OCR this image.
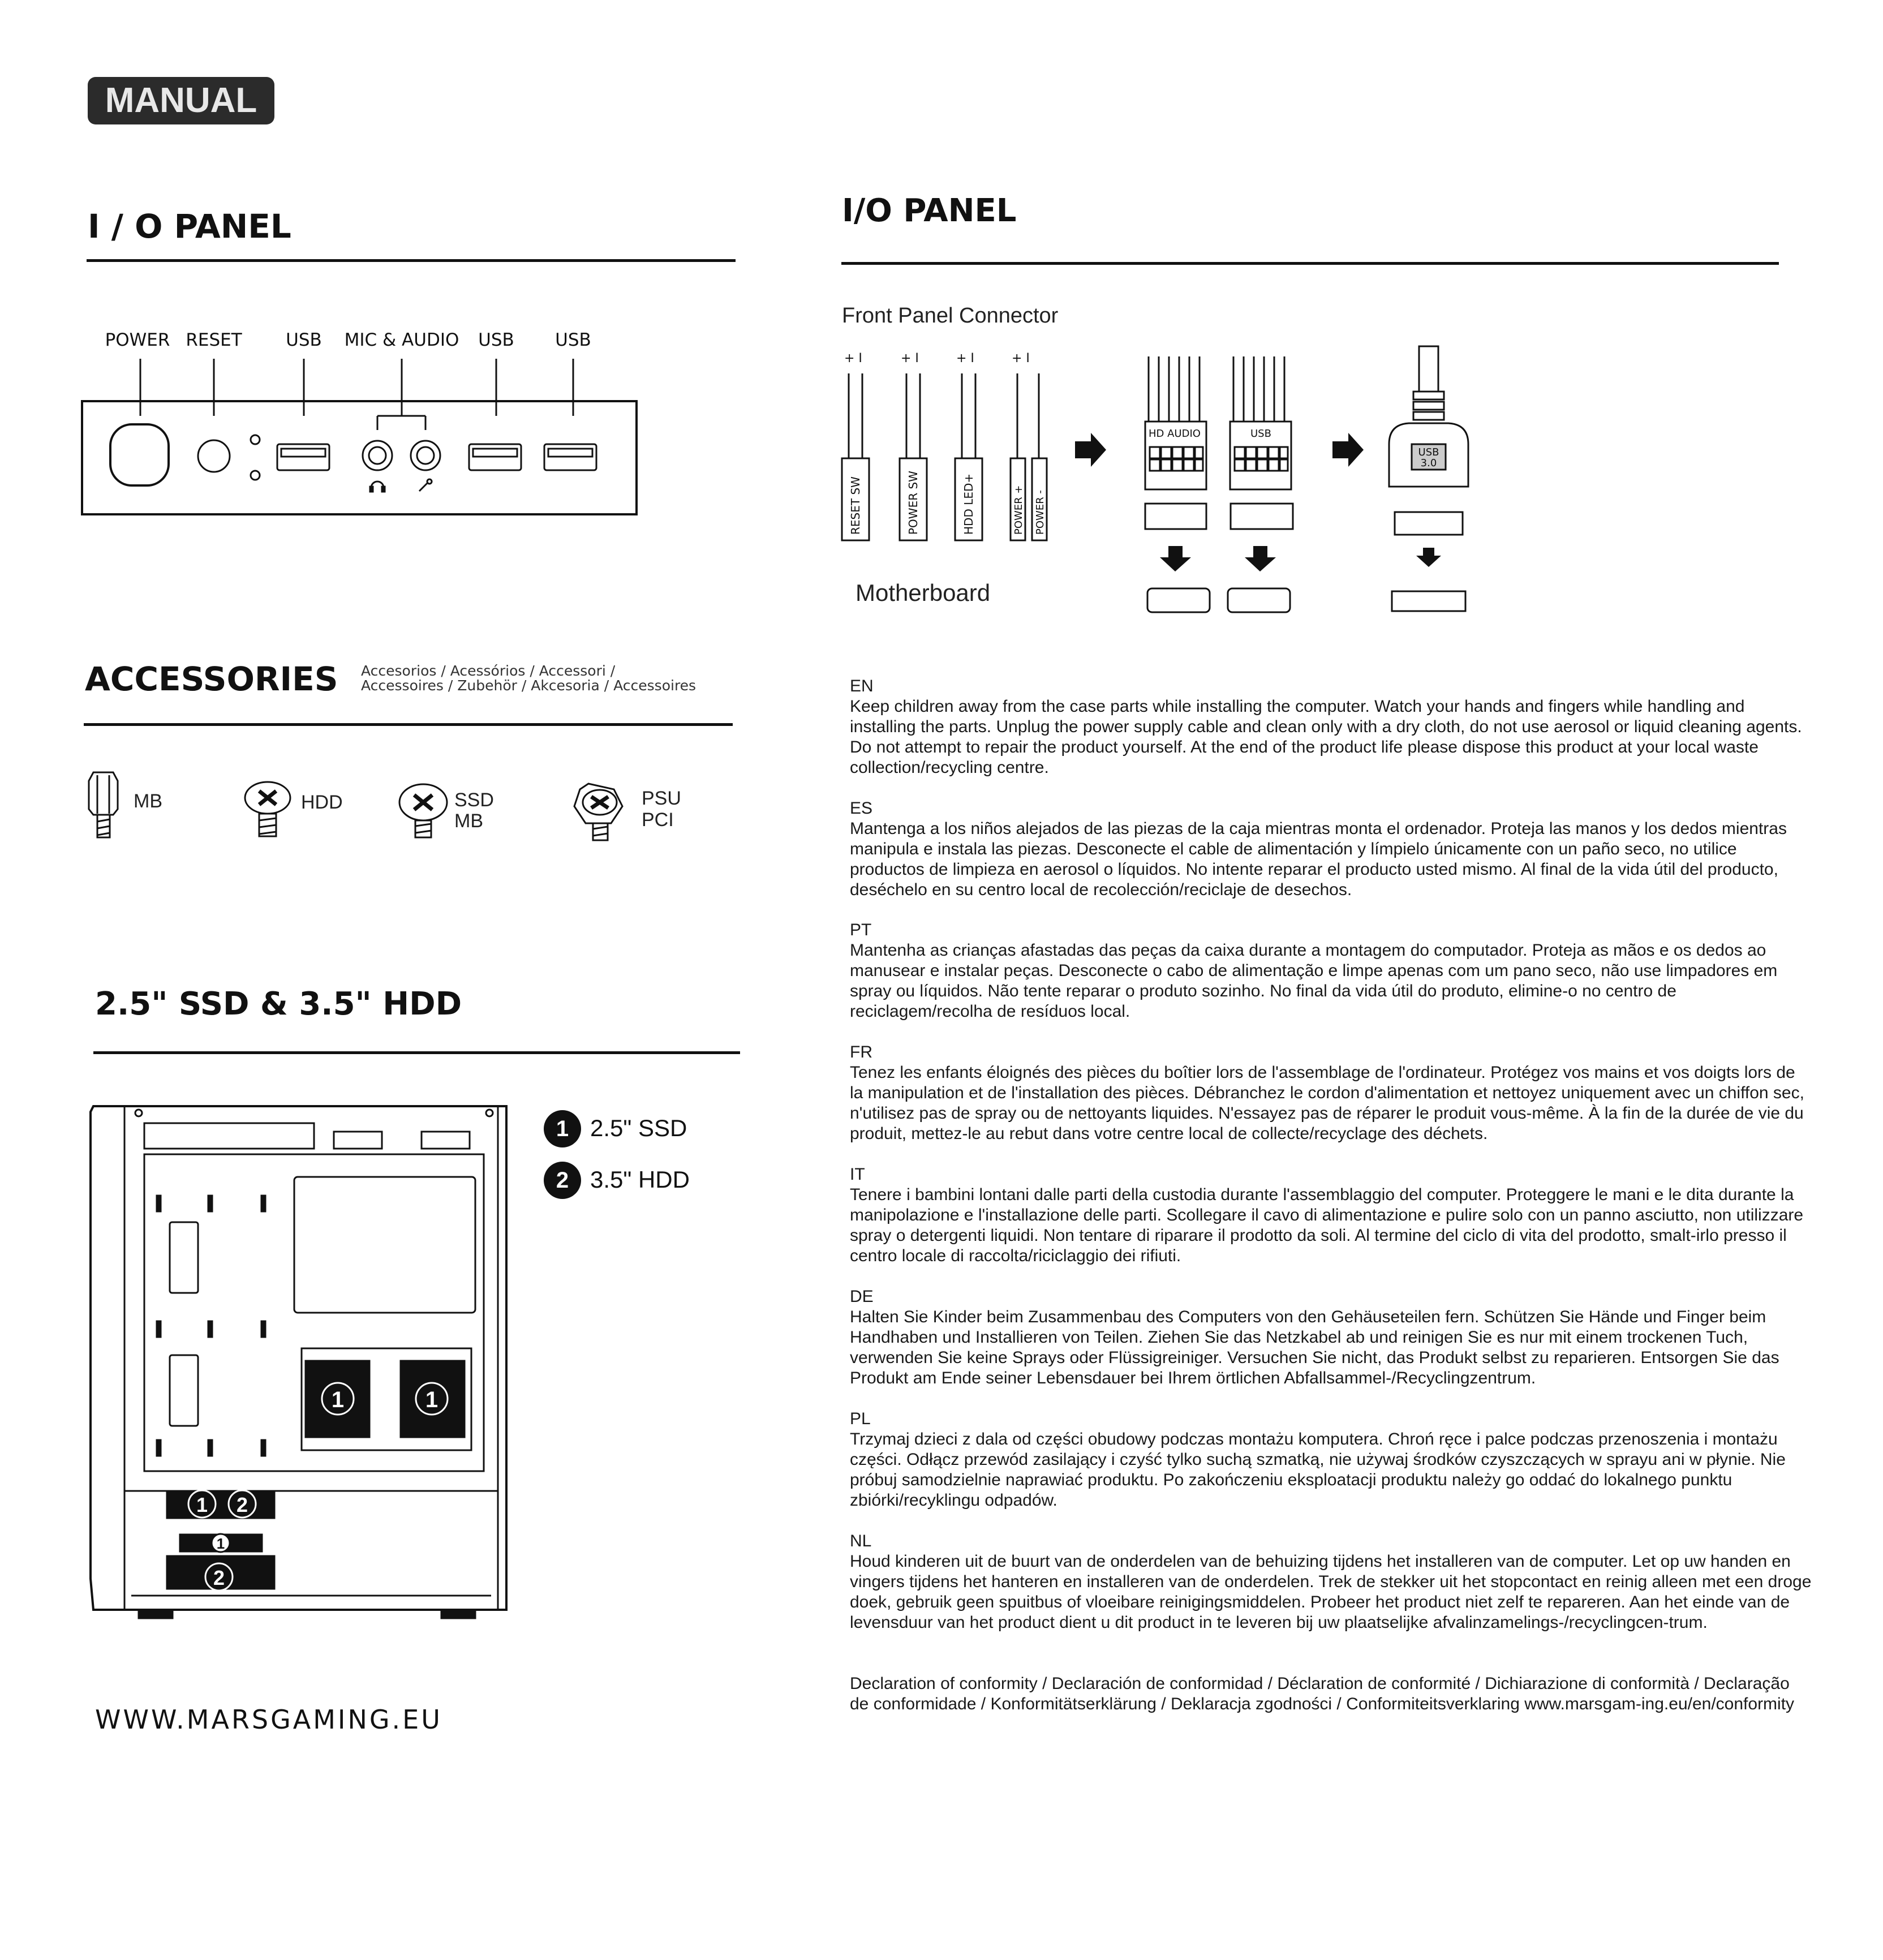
MANUAL
I / O PANEL
POWER RESET	USB MIC & AUDIO USB USB
ACCESSORIES Accesorios / Acessórios / Accessori /
Accessoires / Zubehör / Akcesoria / Accessoires
MB	HDD	SSD
MB
PSU
PCI
2.5" SSD & 3.5" HDD
1 2.5" SSD
2 3.5" HDD
1	1
1 2
1
2
WWW.MARSGAMING.EU
I/O PANEL
Front Panel Connector
+ I	+ I	+ I	+ I
RESET SW	POWER SW	HDD LED+	POWER + POWER -
HD AUDIO	USB
USB
3.0
Motherboard
EN
Keep children away from the case parts while installing the computer. Watch your hands and fingers while handling and installing the parts. Unplug the power supply cable and clean only with a dry cloth, do not use aerosol or liquid cleaning agents. Do not attempt to repair the product yourself. At the end of the product life please dispose this product at your local waste collection/recycling centre.
ES
Mantenga a los niños alejados de las piezas de la caja mientras monta el ordenador. Proteja las manos y los dedos mientras manipula e instala las piezas. Desconecte el cable de alimentación y límpielo únicamente con un paño seco, no utilice productos de limpieza en aerosol o líquidos. No intente reparar el producto usted mismo. Al final de la vida útil del producto, deséchelo en su centro local de recolección/reciclaje de desechos.
PT
Mantenha as crianças afastadas das peças da caixa durante a montagem do computador. Proteja as mãos e os dedos ao manusear e instalar peças. Desconecte o cabo de alimentação e limpe apenas com um pano seco, não use limpadores em spray ou líquidos. Não tente reparar o produto sozinho. No final da vida útil do produto, elimine-o no centro de reciclagem/recolha de resíduos local.
FR
Tenez les enfants éloignés des pièces du boîtier lors de l'assemblage de l'ordinateur. Protégez vos mains et vos doigts lors de la manipulation et de l'installation des pièces. Débranchez le cordon d'alimentation et nettoyez uniquement avec un chiffon sec, n'utilisez pas de spray ou de nettoyants liquides. N'essayez pas de réparer le produit vous-même. À la fin de la durée de vie du produit, mettez-le au rebut dans votre centre local de collecte/recyclage des déchets.
IT
Tenere i bambini lontani dalle parti della custodia durante l'assemblaggio del computer. Proteggere le mani e le dita durante la manipolazione e l'installazione delle parti. Scollegare il cavo di alimentazione e pulire solo con un panno asciutto, non utilizzare spray o detergenti liquidi. Non tentare di riparare il prodotto da soli. Al termine del ciclo di vita del prodotto, smalt-irlo presso il centro locale di raccolta/riciclaggio dei rifiuti.
DE
Halten Sie Kinder beim Zusammenbau des Computers von den Gehäuseteilen fern. Schützen Sie Hände und Finger beim Handhaben und Installieren von Teilen. Ziehen Sie das Netzkabel ab und reinigen Sie es nur mit einem trockenen Tuch, verwenden Sie keine Sprays oder Flüssigreiniger. Versuchen Sie nicht, das Produkt selbst zu reparieren. Entsorgen Sie das Produkt am Ende seiner Lebensdauer bei Ihrem örtlichen Abfallsammel-/Recyclingzentrum.
PL
Trzymaj dzieci z dala od części obudowy podczas montażu komputera. Chroń ręce i palce podczas przenoszenia i montażu części. Odłącz przewód zasilający i czyść tylko suchą szmatką, nie używaj środków czyszczących w sprayu ani w płynie. Nie próbuj samodzielnie naprawiać produktu. Po zakończeniu eksploatacji produktu należy go oddać do lokalnego punktu zbiórki/recyklingu odpadów.
NL
Houd kinderen uit de buurt van de onderdelen van de behuizing tijdens het installeren van de computer. Let op uw handen en vingers tijdens het hanteren en installeren van de onderdelen. Trek de stekker uit het stopcontact en reinig alleen met een droge doek, gebruik geen spuitbus of vloeibare reinigingsmiddelen. Probeer het product niet zelf te repareren. Aan het einde van de levensduur van het product dient u dit product in te leveren bij uw plaatselijke afvalinzamelings-/recyclingcen-trum.
Declaration of conformity / Declaración de conformidad / Déclaration de conformité / Dichiarazione di conformità / Declaração de conformidade / Konformitätserklärung / Deklaracja zgodności / Conformiteitsverklaring www.marsgam-ing.eu/en/conformity
